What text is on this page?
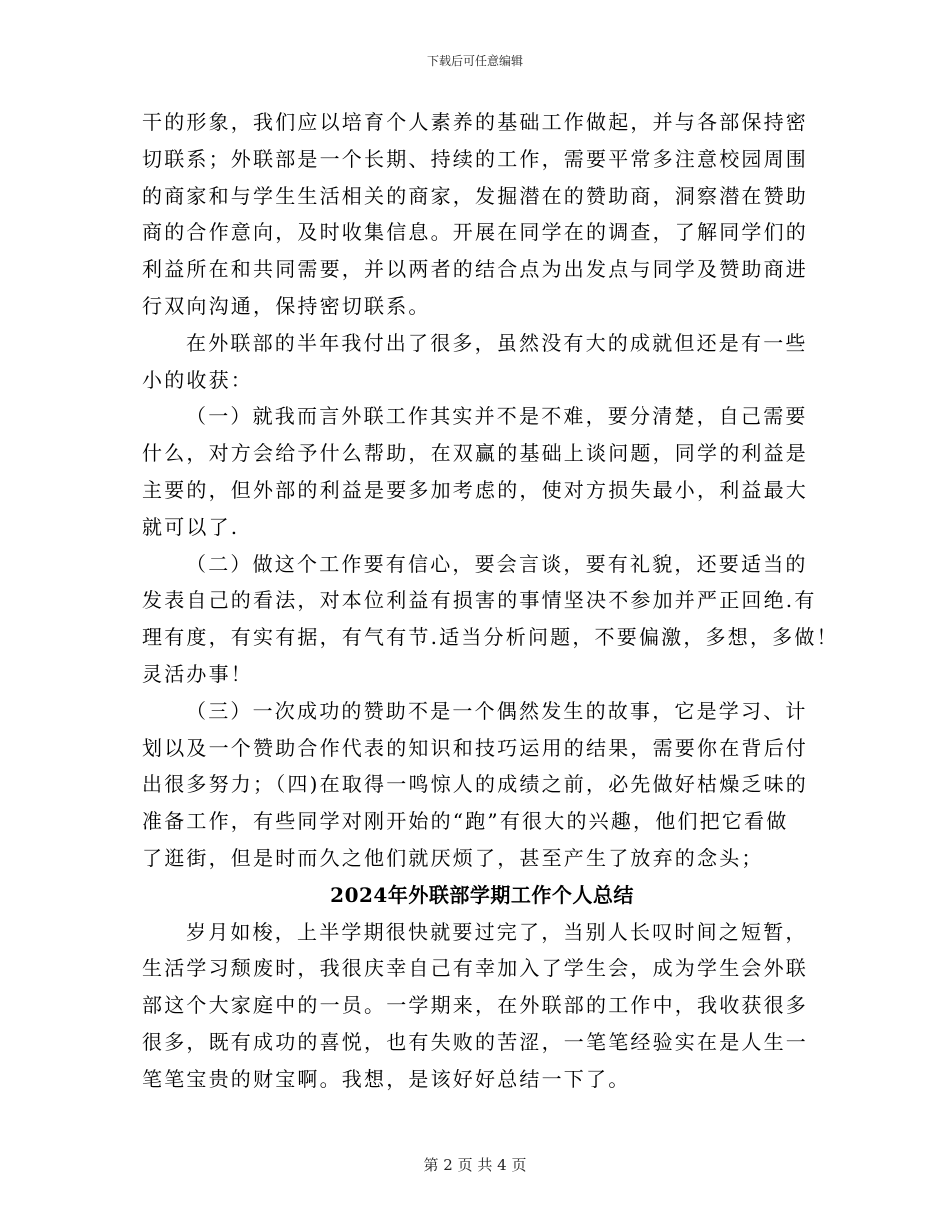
下载后可任意编辑
干的形象，我们应以培育个人素养的基础工作做起，并与各部保持密
切联系；外联部是一个长期、持续的工作，需要平常多注意校园周围
的商家和与学生生活相关的商家，发掘潜在的赞助商，洞察潜在赞助
商的合作意向，及时收集信息。开展在同学在的调查，了解同学们的
利益所在和共同需要，并以两者的结合点为出发点与同学及赞助商进
行双向沟通，保持密切联系。
在外联部的半年我付出了很多，虽然没有大的成就但还是有一些
小的收获：
（一）就我而言外联工作其实并不是不难，要分清楚，自己需要
什么，对方会给予什么帮助，在双赢的基础上谈问题，同学的利益是
主要的，但外部的利益是要多加考虑的，使对方损失最小，利益最大
就可以了.
（二）做这个工作要有信心，要会言谈，要有礼貌，还要适当的
发表自己的看法，对本位利益有损害的事情坚决不参加并严正回绝.有
理有度，有实有据，有气有节.适当分析问题，不要偏激，多想，多做！
灵活办事！
（三）一次成功的赞助不是一个偶然发生的故事，它是学习、计
划以及一个赞助合作代表的知识和技巧运用的结果，需要你在背后付
出很多努力；（四)在取得一鸣惊人的成绩之前，必先做好枯燥乏味的
准备工作，有些同学对刚开始的“跑”有很大的兴趣，他们把它看做
了逛街，但是时而久之他们就厌烦了，甚至产生了放弃的念头；
2024年外联部学期工作个人总结
岁月如梭，上半学期很快就要过完了，当别人长叹时间之短暂，
生活学习颓废时，我很庆幸自己有幸加入了学生会，成为学生会外联
部这个大家庭中的一员。一学期来，在外联部的工作中，我收获很多
很多，既有成功的喜悦，也有失败的苦涩，一笔笔经验实在是人生一
笔笔宝贵的财宝啊。我想，是该好好总结一下了。
第 2 页 共 4 页
